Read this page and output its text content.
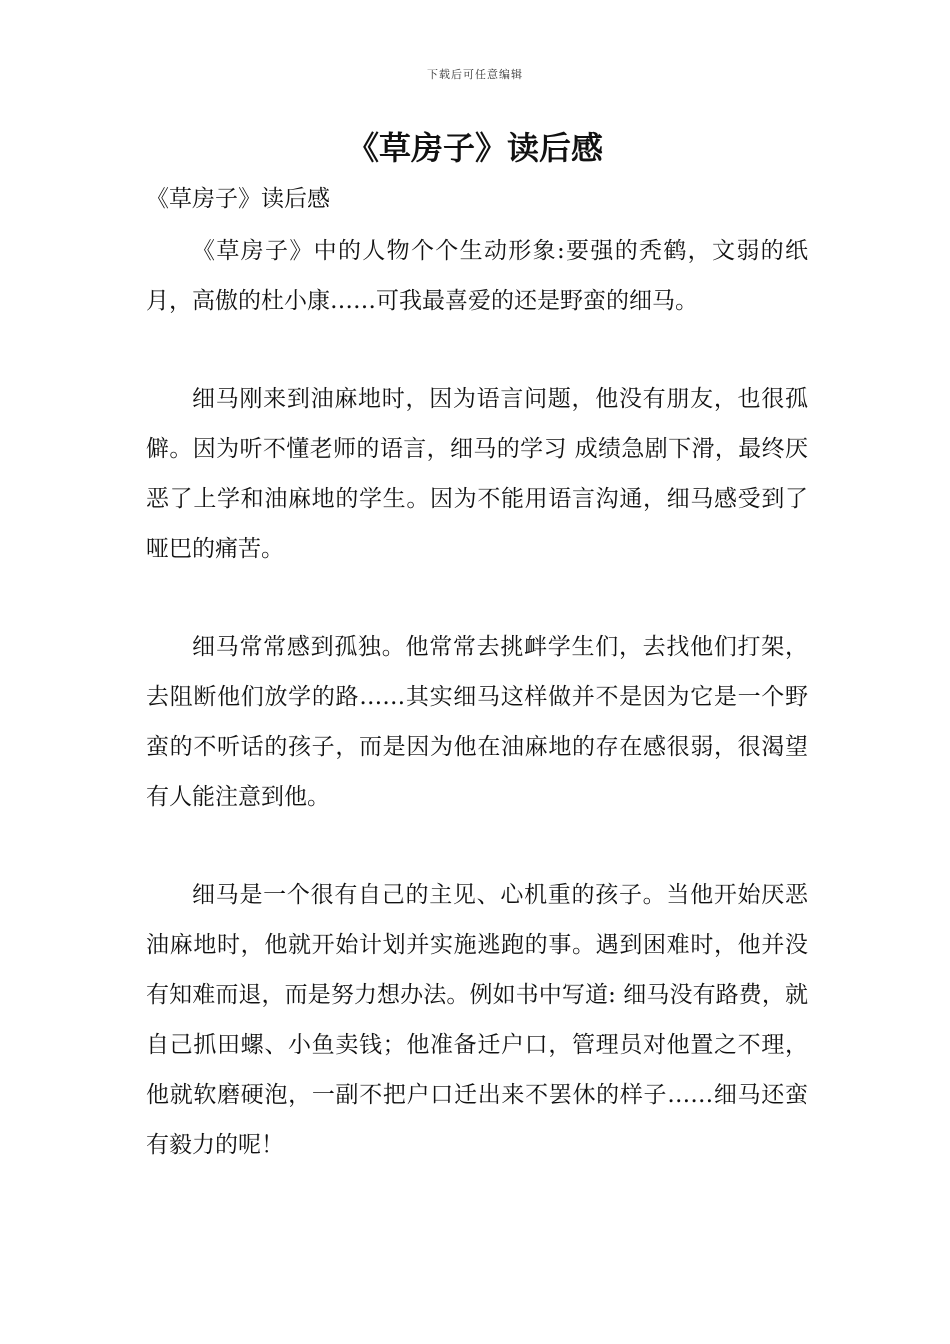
下载后可任意编辑
《草房子》读后感
《草房子》读后感

《草房子》中的人物个个生动形象:要强的秃鹤，文弱的纸月，高傲的杜小康……可我最喜爱的还是野蛮的细马。

细马刚来到油麻地时，因为语言问题，他没有朋友，也很孤僻。因为听不懂老师的语言，细马的学习 成绩急剧下滑，最终厌恶了上学和油麻地的学生。因为不能用语言沟通，细马感受到了哑巴的痛苦。

细马常常感到孤独。他常常去挑衅学生们，去找他们打架，去阻断他们放学的路……其实细马这样做并不是因为它是一个野蛮的不听话的孩子，而是因为他在油麻地的存在感很弱，很渴望有人能注意到他。

细马是一个很有自己的主见、心机重的孩子。当他开始厌恶油麻地时，他就开始计划并实施逃跑的事。遇到困难时，他并没有知难而退，而是努力想办法。例如书中写道: 细马没有路费，就自己抓田螺、小鱼卖钱；他准备迁户口，管理员对他置之不理，他就软磨硬泡，一副不把户口迁出来不罢休的样子……细马还蛮有毅力的呢！
